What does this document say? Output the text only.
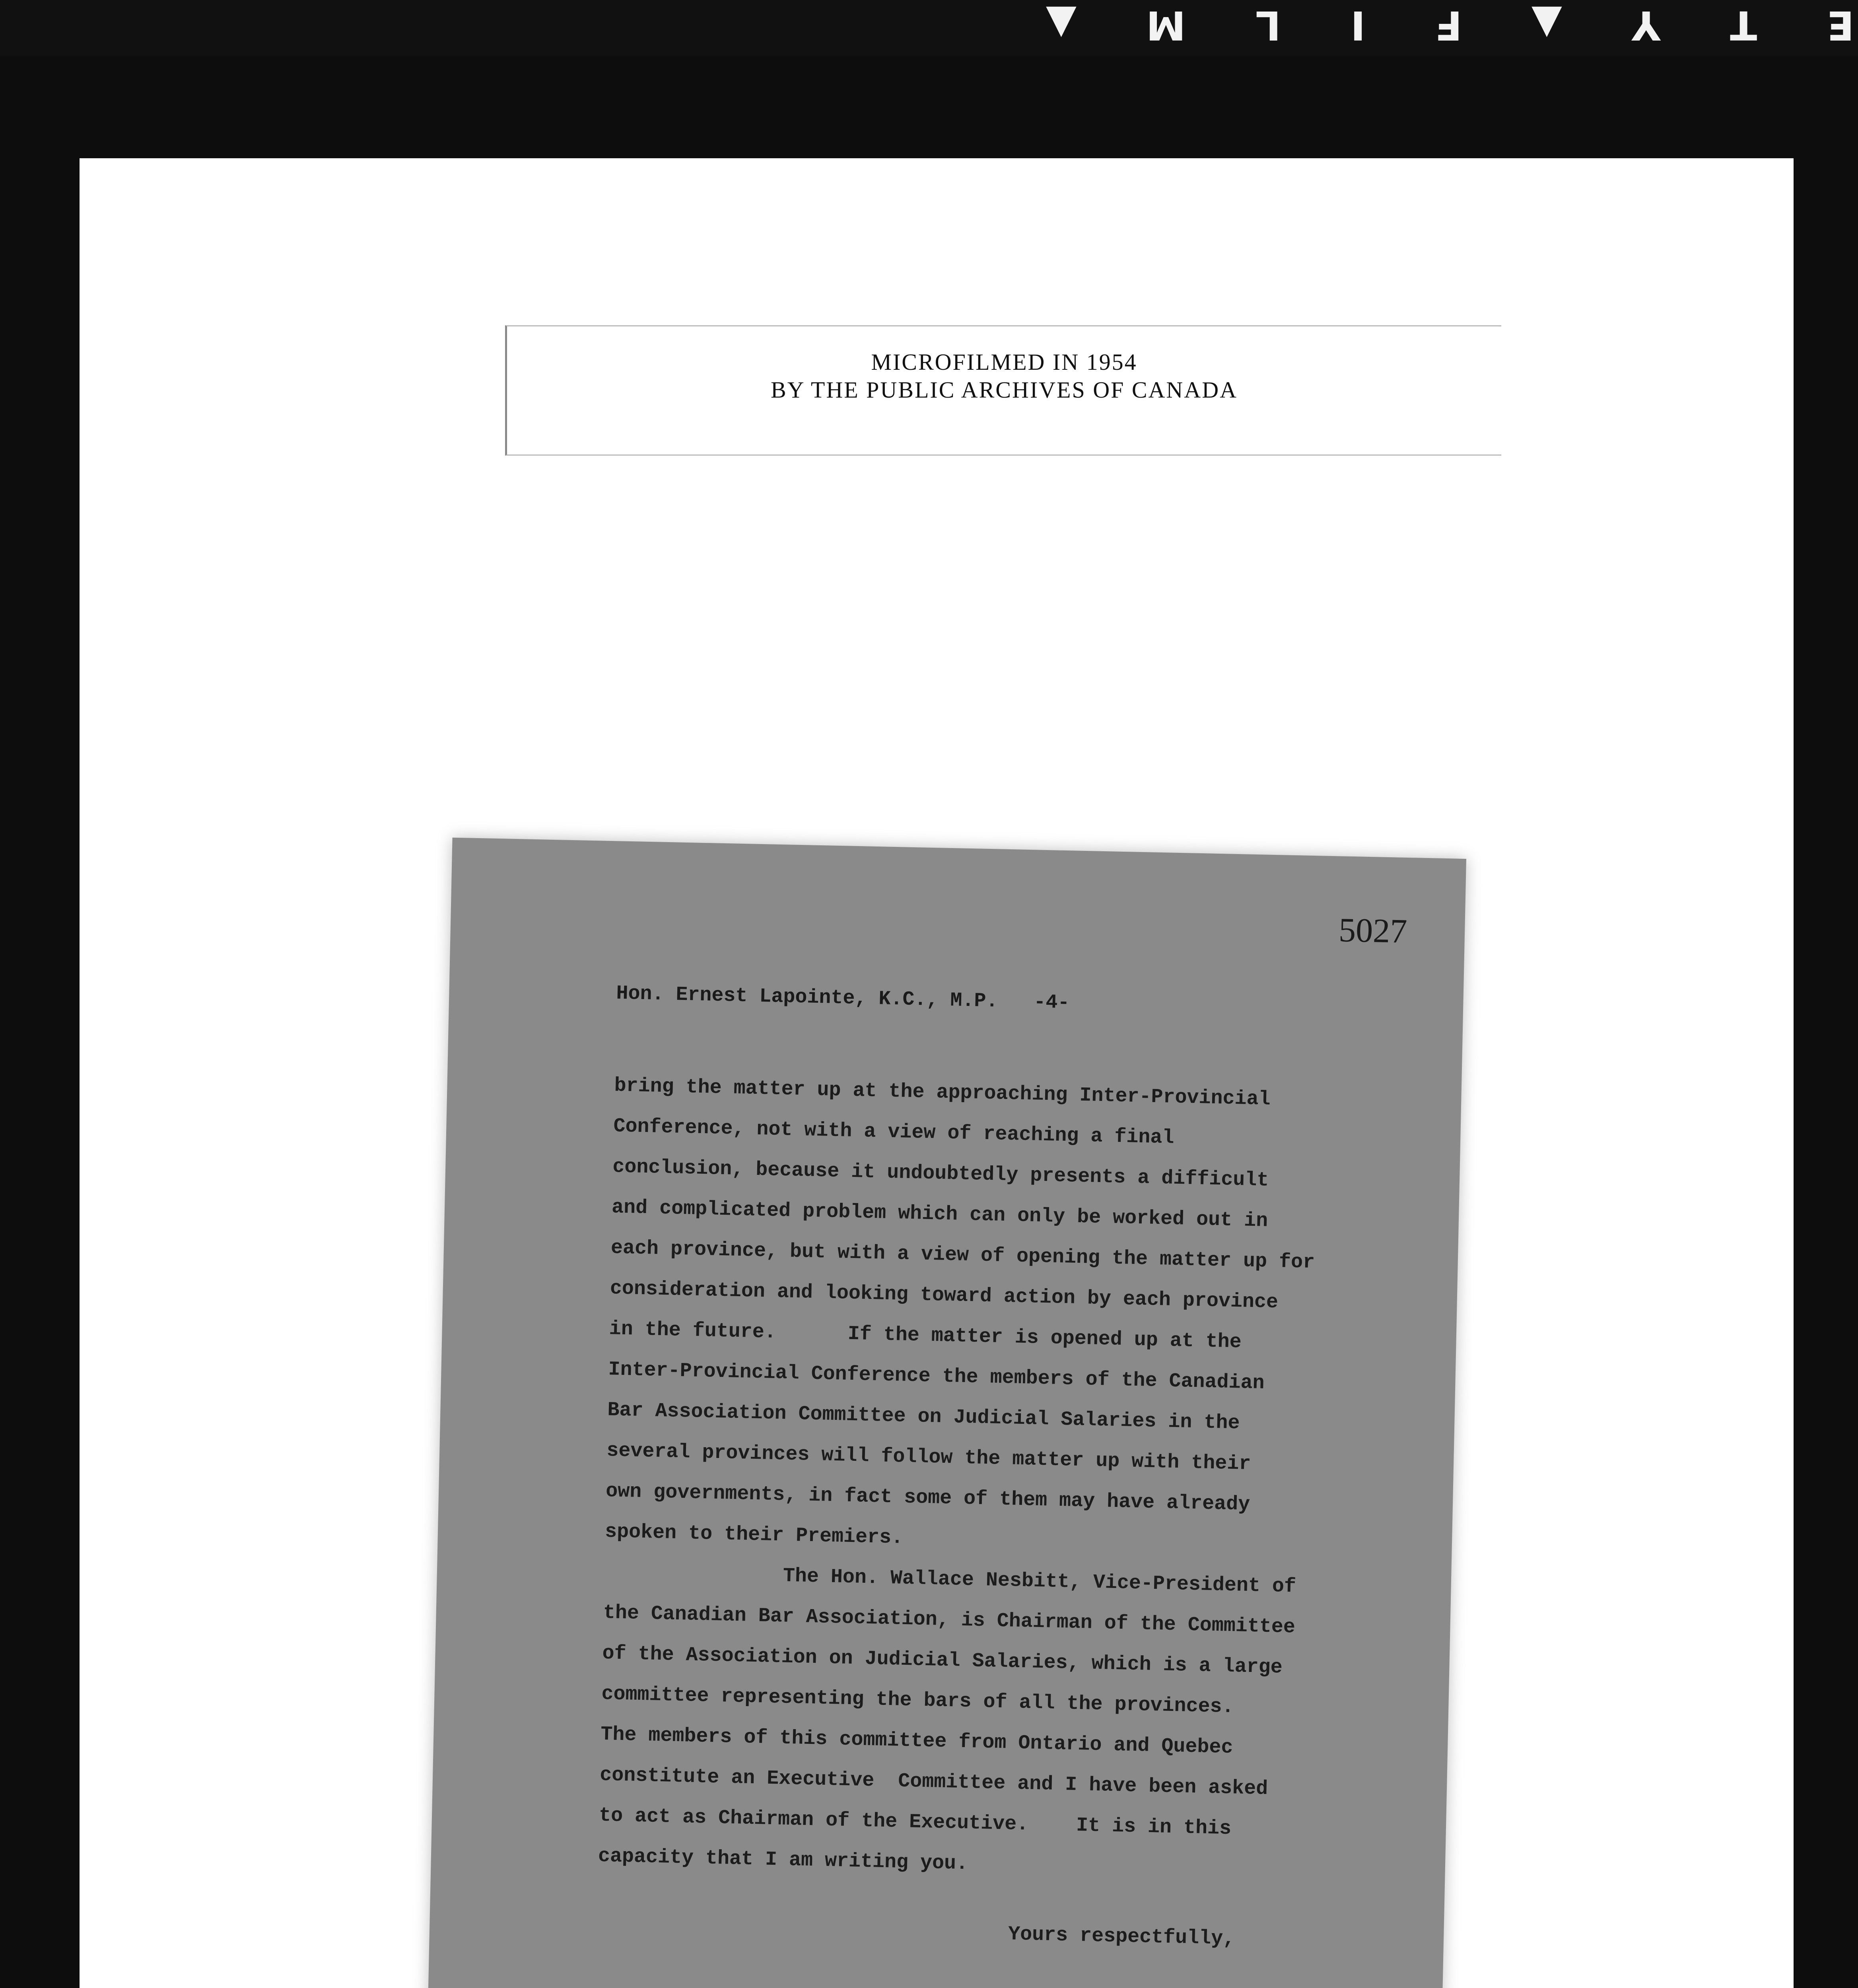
▲ M L I F ▲ Y T E
MICROFILMED IN 1954
BY THE PUBLIC ARCHIVES OF CANADA
5027
Hon. Ernest Lapointe, K.C., M.P.   -4-
bring the matter up at the approaching Inter-Provincial
Conference, not with a view of reaching a final
conclusion, because it undoubtedly presents a difficult
and complicated problem which can only be worked out in
each province, but with a view of opening the matter up for
consideration and looking toward action by each province
in the future.      If the matter is opened up at the
Inter-Provincial Conference the members of the Canadian
Bar Association Committee on Judicial Salaries in the
several provinces will follow the matter up with their
own governments, in fact some of them may have already
spoken to their Premiers.
The Hon. Wallace Nesbitt, Vice-President of
the Canadian Bar Association, is Chairman of the Committee
of the Association on Judicial Salaries, which is a large
committee representing the bars of all the provinces.
The members of this committee from Ontario and Quebec
constitute an Executive  Committee and I have been asked
to act as Chairman of the Executive.    It is in this
capacity that I am writing you.
Yours respectfully,
